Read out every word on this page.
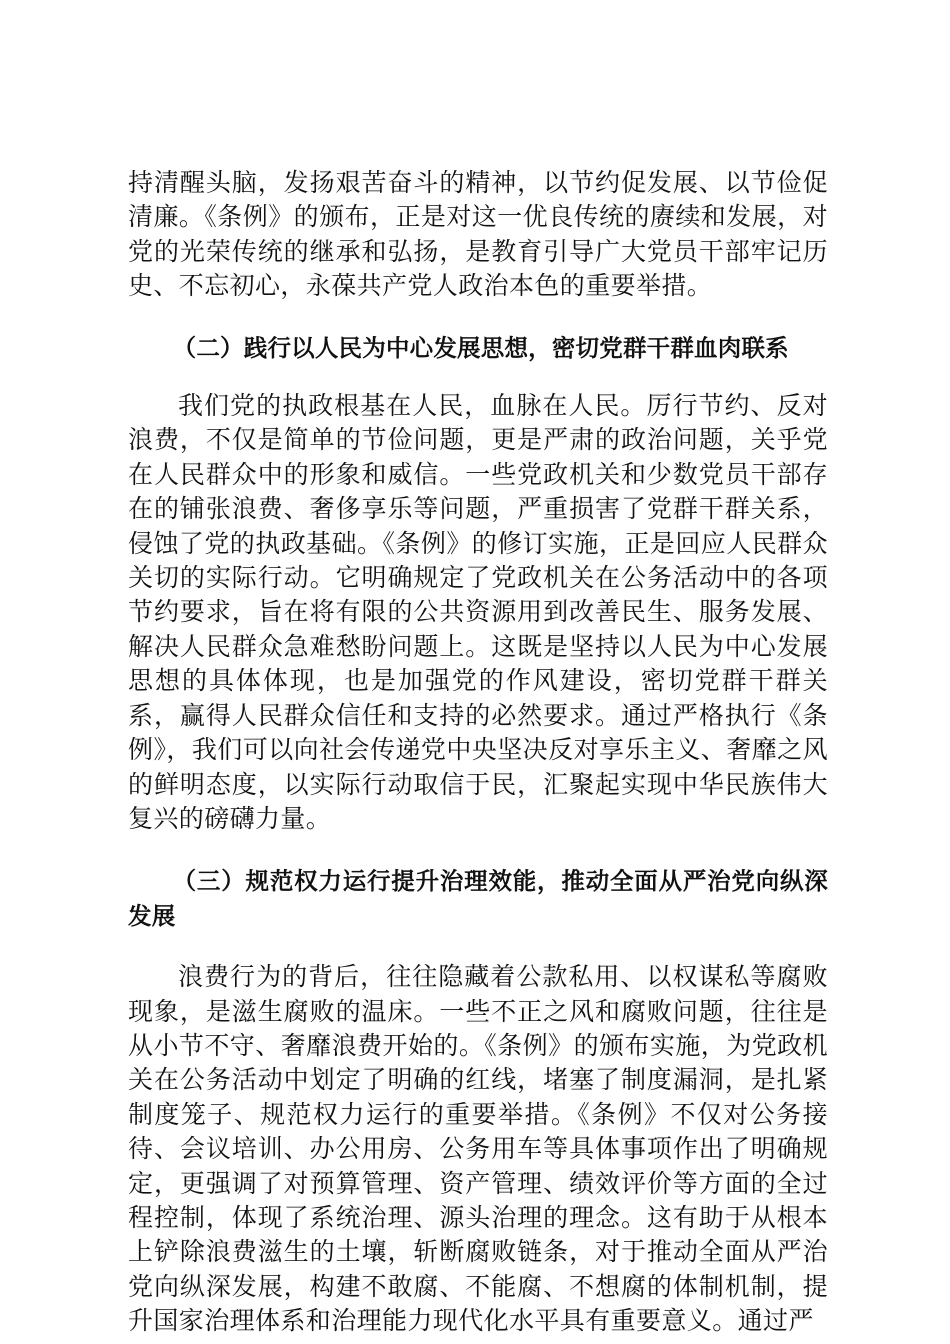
持清醒头脑，发扬艰苦奋斗的精神，以节约促发展、以节俭促清廉。《条例》的颁布，正是对这一优良传统的赓续和发展，对党的光荣传统的继承和弘扬，是教育引导广大党员干部牢记历史、不忘初心，永葆共产党人政治本色的重要举措。

（二）践行以人民为中心发展思想，密切党群干群血肉联系

我们党的执政根基在人民，血脉在人民。厉行节约、反对浪费，不仅是简单的节俭问题，更是严肃的政治问题，关乎党在人民群众中的形象和威信。一些党政机关和少数党员干部存在的铺张浪费、奢侈享乐等问题，严重损害了党群干群关系，侵蚀了党的执政基础。《条例》的修订实施，正是回应人民群众关切的实际行动。它明确规定了党政机关在公务活动中的各项节约要求，旨在将有限的公共资源用到改善民生、服务发展、解决人民群众急难愁盼问题上。这既是坚持以人民为中心发展思想的具体体现，也是加强党的作风建设，密切党群干群关系，赢得人民群众信任和支持的必然要求。通过严格执行《条例》，我们可以向社会传递党中央坚决反对享乐主义、奢靡之风的鲜明态度，以实际行动取信于民，汇聚起实现中华民族伟大复兴的磅礴力量。

（三）规范权力运行提升治理效能，推动全面从严治党向纵深发展

浪费行为的背后，往往隐藏着公款私用、以权谋私等腐败现象，是滋生腐败的温床。一些不正之风和腐败问题，往往是从小节不守、奢靡浪费开始的。《条例》的颁布实施，为党政机关在公务活动中划定了明确的红线，堵塞了制度漏洞，是扎紧制度笼子、规范权力运行的重要举措。《条例》不仅对公务接待、会议培训、办公用房、公务用车等具体事项作出了明确规定，更强调了对预算管理、资产管理、绩效评价等方面的全过程控制，体现了系统治理、源头治理的理念。这有助于从根本上铲除浪费滋生的土壤，斩断腐败链条，对于推动全面从严治党向纵深发展，构建不敢腐、不能腐、不想腐的体制机制，提升国家治理体系和治理能力现代化水平具有重要意义。通过严
